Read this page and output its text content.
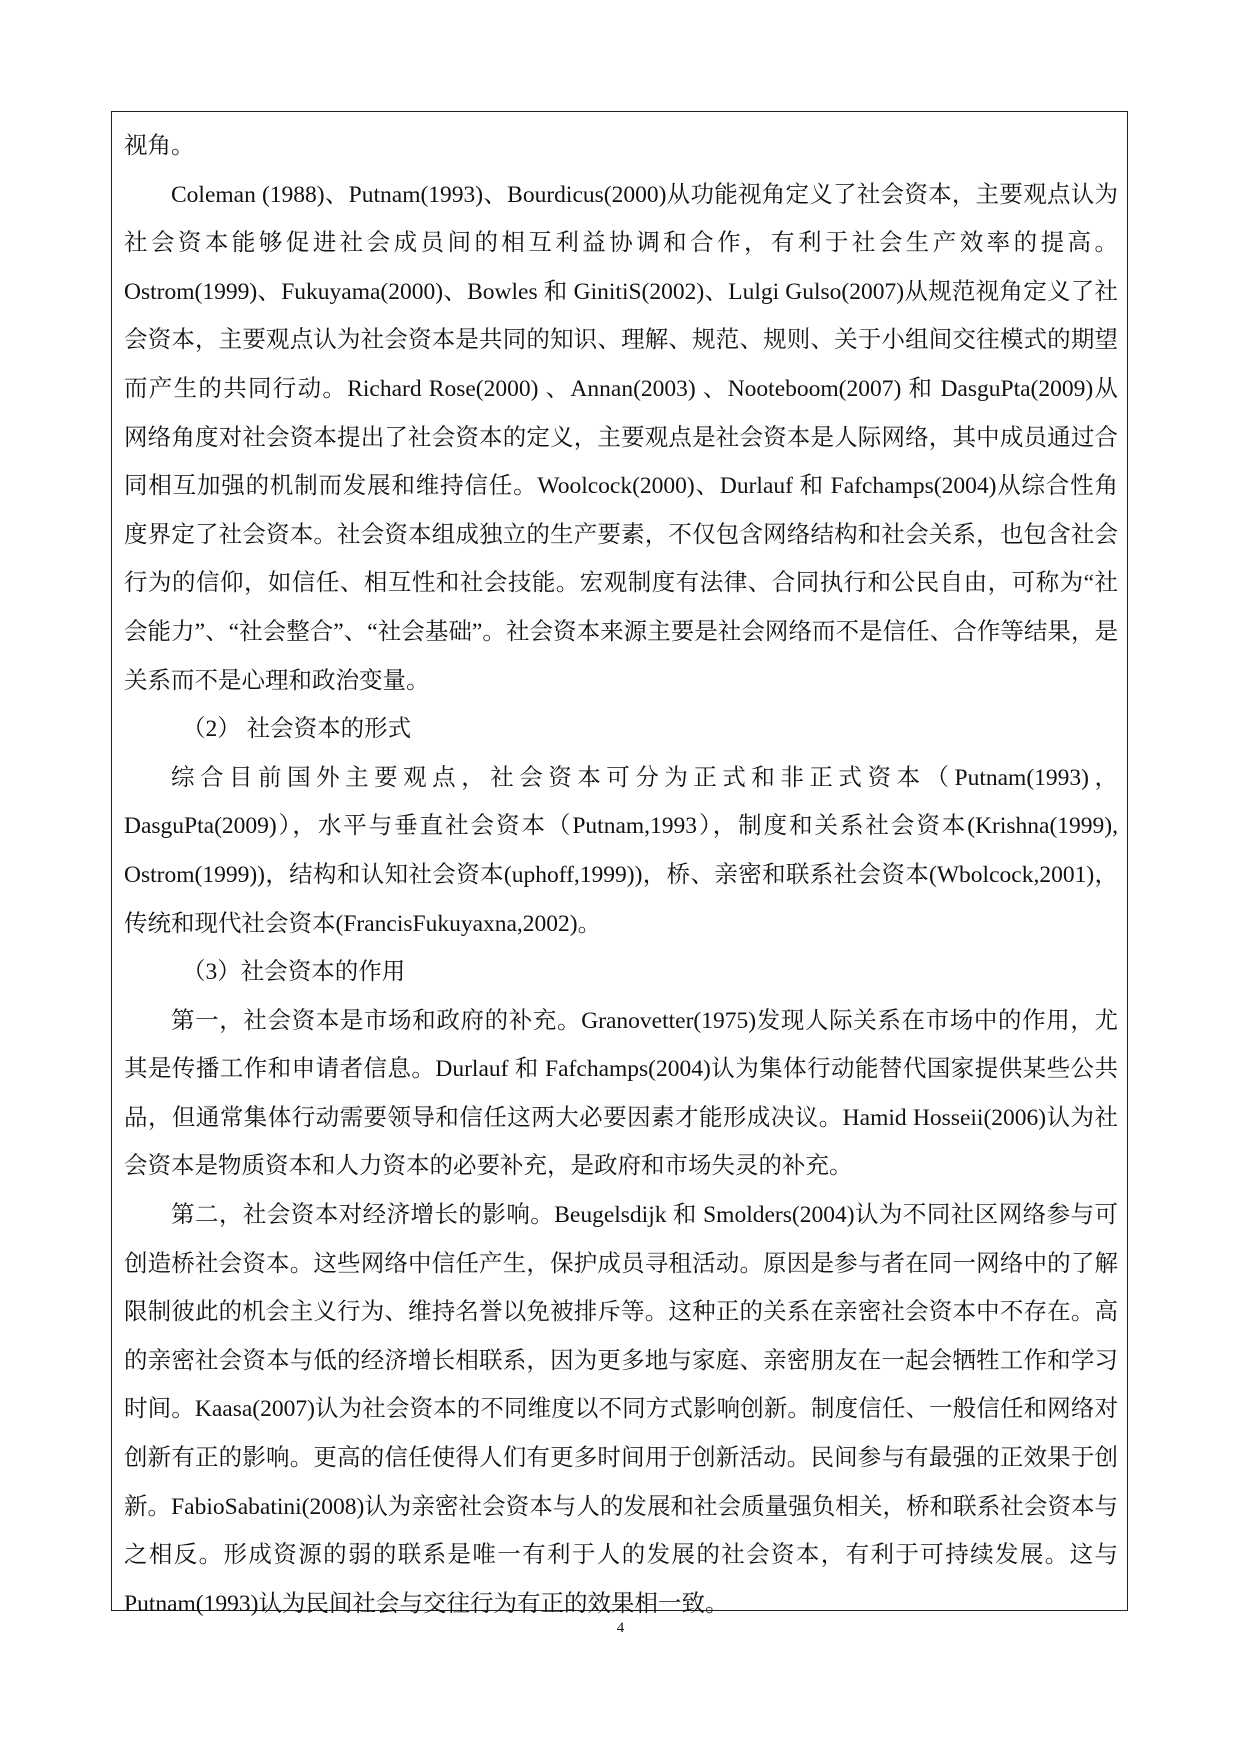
视角。

Coleman (1988)、Putnam(1993)、Bourdicus(2000)从功能视角定义了社会资本，主要观点认为社会资本能够促进社会成员间的相互利益协调和合作，有利于社会生产效率的提高。Ostrom(1999)、Fukuyama(2000)、Bowles 和 GinitiS(2002)、Lulgi Gulso(2007)从规范视角定义了社会资本，主要观点认为社会资本是共同的知识、理解、规范、规则、关于小组间交往模式的期望而产生的共同行动。Richard Rose(2000) 、Annan(2003) 、Nooteboom(2007) 和 DasguPta(2009)从网络角度对社会资本提出了社会资本的定义，主要观点是社会资本是人际网络，其中成员通过合同相互加强的机制而发展和维持信任。Woolcock(2000)、Durlauf 和 Fafchamps(2004)从综合性角度界定了社会资本。社会资本组成独立的生产要素，不仅包含网络结构和社会关系，也包含社会行为的信仰，如信任、相互性和社会技能。宏观制度有法律、合同执行和公民自由，可称为“社会能力”、“社会整合”、“社会基础”。社会资本来源主要是社会网络而不是信任、合作等结果，是关系而不是心理和政治变量。

（2） 社会资本的形式

综合目前国外主要观点，社会资本可分为正式和非正式资本（Putnam(1993)，DasguPta(2009)），水平与垂直社会资本（Putnam,1993），制度和关系社会资本(Krishna(1999), Ostrom(1999))，结构和认知社会资本(uphoff,1999))，桥、亲密和联系社会资本(Wbolcock,2001)，传统和现代社会资本(FrancisFukuyaxna,2002)。

（3）社会资本的作用

第一，社会资本是市场和政府的补充。Granovetter(1975)发现人际关系在市场中的作用，尤其是传播工作和申请者信息。Durlauf 和 Fafchamps(2004)认为集体行动能替代国家提供某些公共品，但通常集体行动需要领导和信任这两大必要因素才能形成决议。Hamid Hosseii(2006)认为社会资本是物质资本和人力资本的必要补充，是政府和市场失灵的补充。

第二，社会资本对经济增长的影响。Beugelsdijk 和 Smolders(2004)认为不同社区网络参与可创造桥社会资本。这些网络中信任产生，保护成员寻租活动。原因是参与者在同一网络中的了解限制彼此的机会主义行为、维持名誉以免被排斥等。这种正的关系在亲密社会资本中不存在。高的亲密社会资本与低的经济增长相联系，因为更多地与家庭、亲密朋友在一起会牺牲工作和学习时间。Kaasa(2007)认为社会资本的不同维度以不同方式影响创新。制度信任、一般信任和网络对创新有正的影响。更高的信任使得人们有更多时间用于创新活动。民间参与有最强的正效果于创新。FabioSabatini(2008)认为亲密社会资本与人的发展和社会质量强负相关，桥和联系社会资本与之相反。形成资源的弱的联系是唯一有利于人的发展的社会资本，有利于可持续发展。这与 Putnam(1993)认为民间社会与交往行为有正的效果相一致。

4
